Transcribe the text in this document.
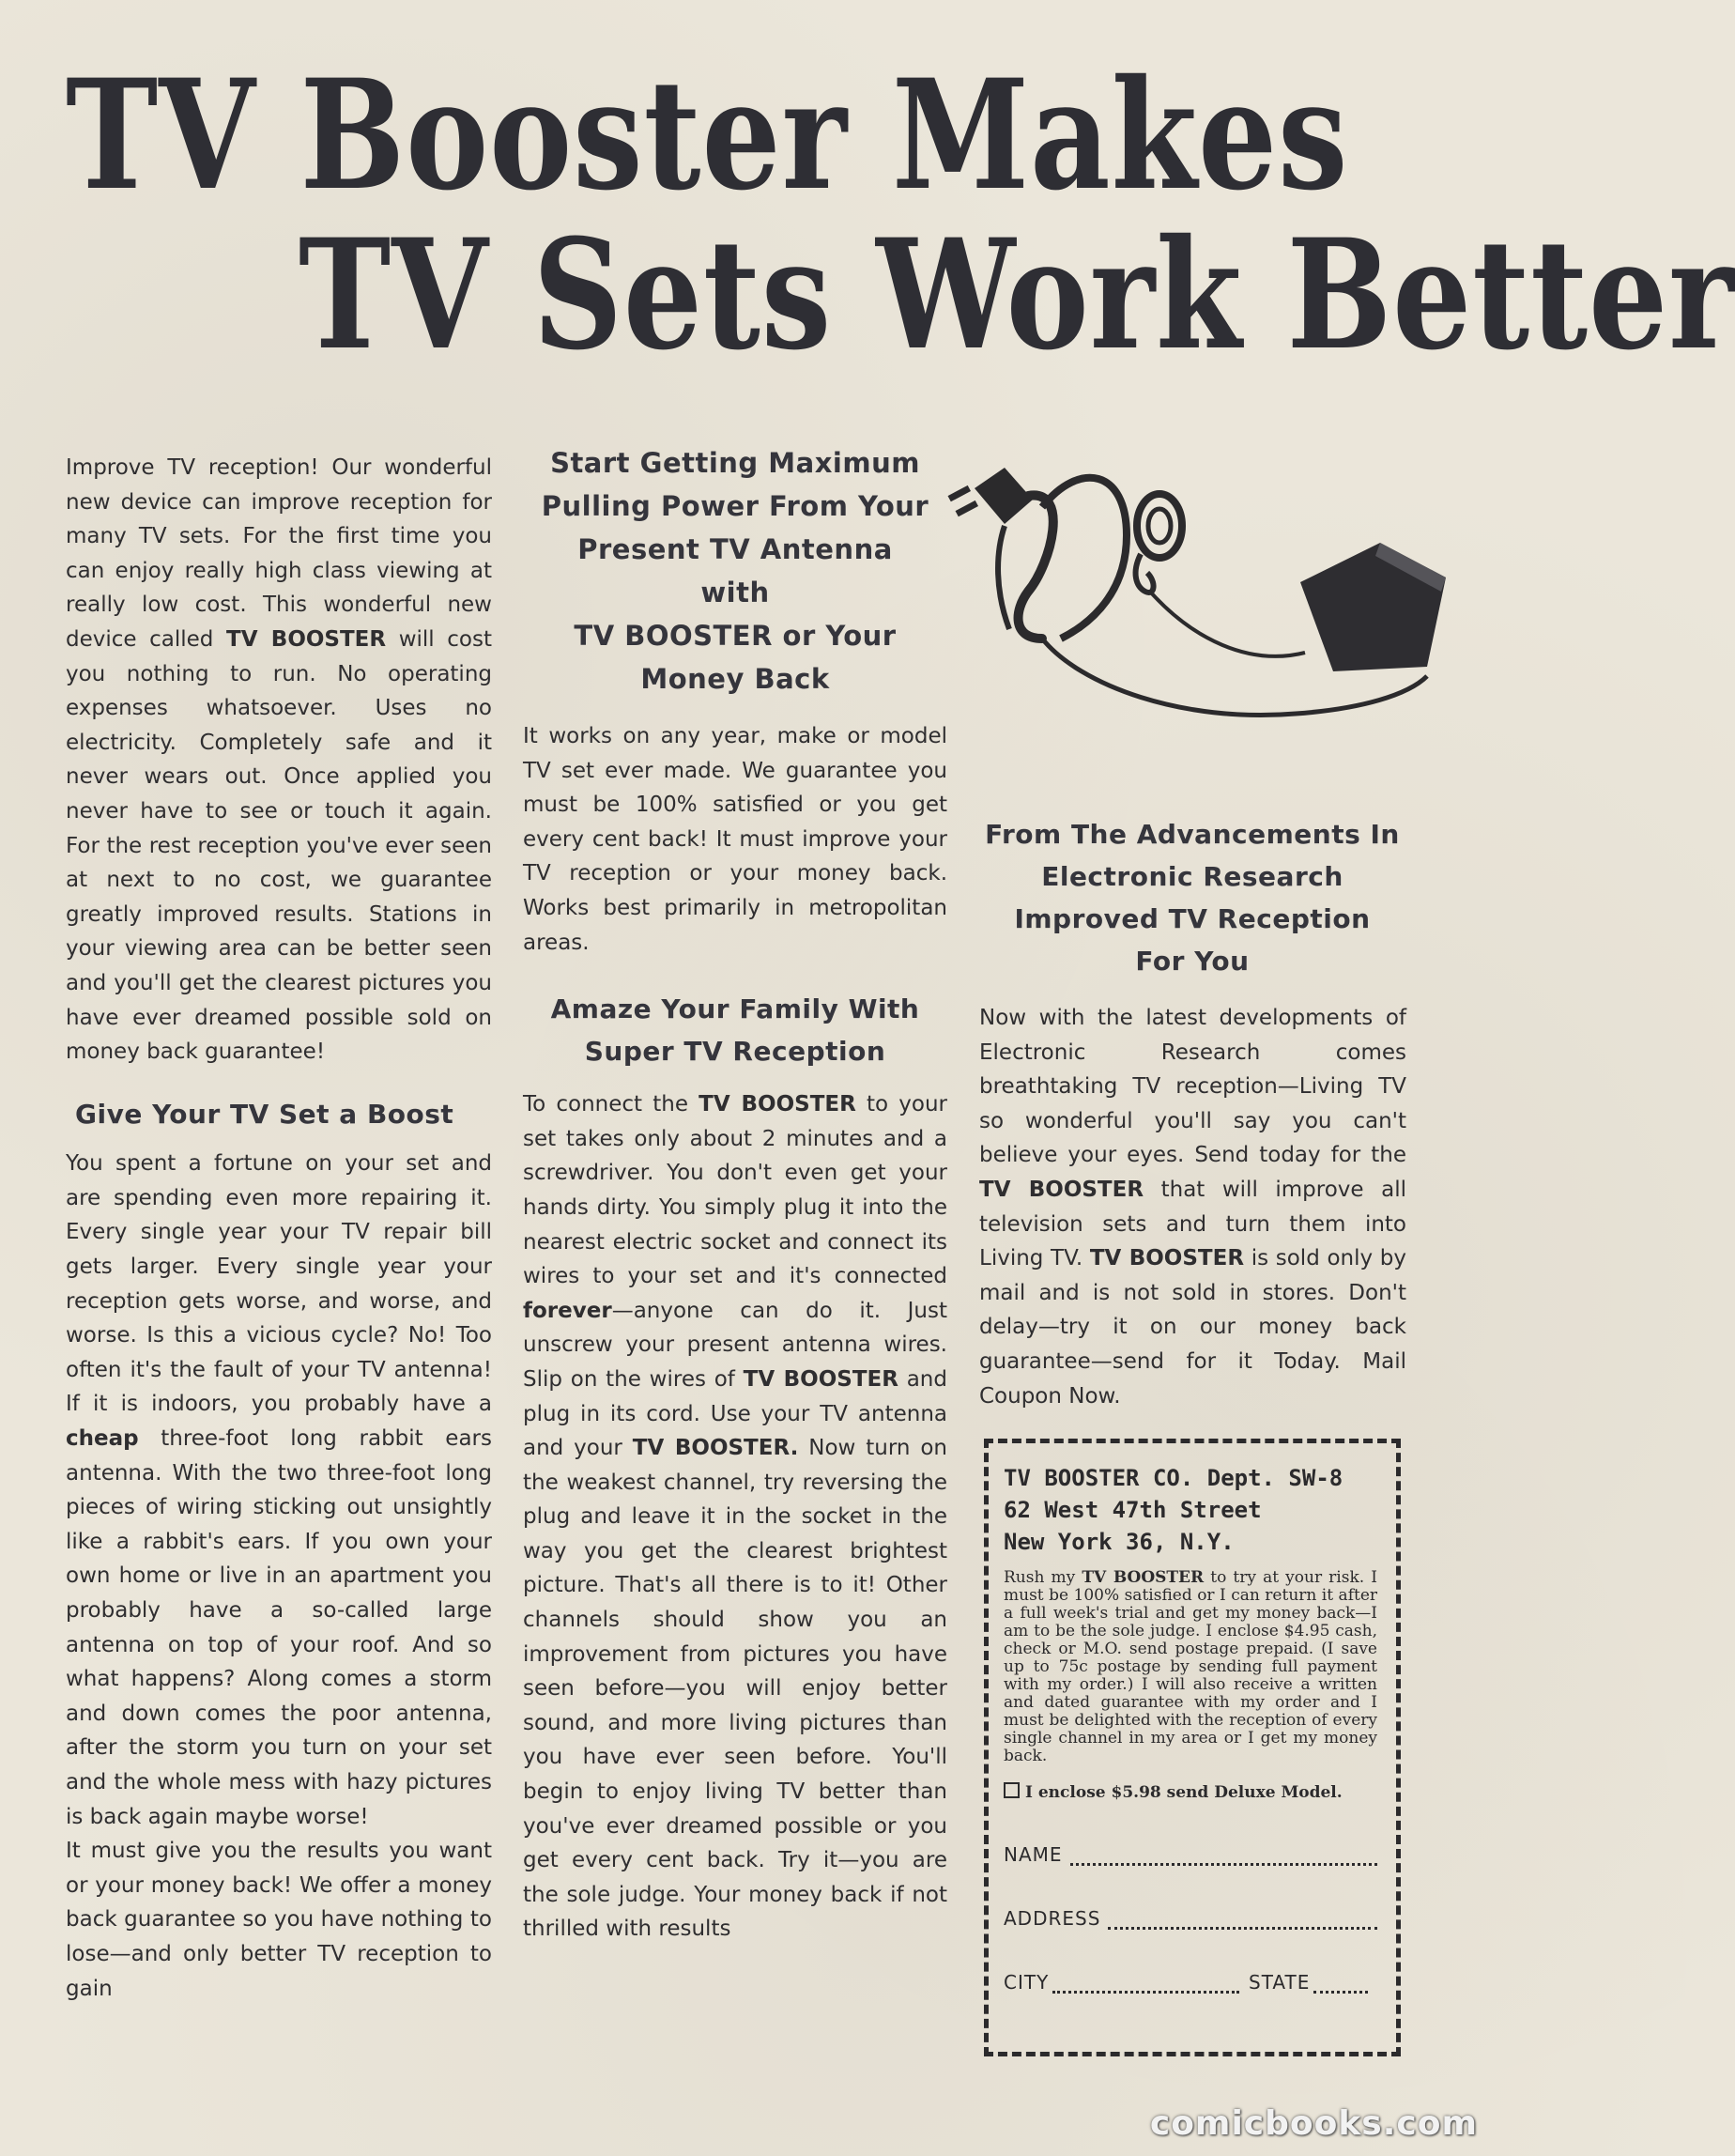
TV Booster Makes
TV Sets Work Better

Improve TV reception! Our wonderful new device can improve reception for many TV sets. For the first time you can enjoy really high class viewing at really low cost. This wonderful new device called TV BOOSTER will cost you nothing to run. No operating expenses whatsoever. Uses no electricity. Completely safe and it never wears out. Once applied you never have to see or touch it again. For the rest reception you've ever seen at next to no cost, we guarantee greatly improved results. Stations in your viewing area can be better seen and you'll get the clearest pictures you have ever dreamed possible sold on money back guarantee!

Give Your TV Set a Boost

You spent a fortune on your set and are spending even more repairing it. Every single year your TV repair bill gets larger. Every single year your reception gets worse, and worse, and worse. Is this a vicious cycle? No! Too often it's the fault of your TV antenna! If it is indoors, you probably have a cheap three-foot long rabbit ears antenna. With the two three-foot long pieces of wiring sticking out unsightly like a rabbit's ears. If you own your own home or live in an apartment you probably have a so-called large antenna on top of your roof. And so what happens? Along comes a storm and down comes the poor antenna, after the storm you turn on your set and the whole mess with hazy pictures is back again maybe worse!

It must give you the results you want or your money back! We offer a money back guarantee so you have nothing to lose—and only better TV reception to gain

Start Getting Maximum

Pulling Power From Your

Present TV Antenna

with

TV BOOSTER or Your

Money Back

It works on any year, make or model TV set ever made. We guarantee you must be 100% satisfied or you get every cent back! It must improve your TV reception or your money back. Works best primarily in metropolitan areas.

Amaze Your Family With

Super TV Reception

To connect the TV BOOSTER to your set takes only about 2 minutes and a screwdriver. You don't even get your hands dirty. You simply plug it into the nearest electric socket and connect its wires to your set and it's connected forever—anyone can do it. Just unscrew your present antenna wires. Slip on the wires of TV BOOSTER and plug in its cord. Use your TV antenna and your TV BOOSTER. Now turn on the weakest channel, try reversing the plug and leave it in the socket in the way you get the clearest brightest picture. That's all there is to it! Other channels should show you an improvement from pictures you have seen before—you will enjoy better sound, and more living pictures than you have ever seen before. You'll begin to enjoy living TV better than you've ever dreamed possible or you get every cent back. Try it—you are the sole judge. Your money back if not thrilled with results

From The Advancements In

Electronic Research

Improved TV Reception

For You

Now with the latest developments of Electronic Research comes breathtaking TV reception—Living TV so wonderful you'll say you can't believe your eyes. Send today for the TV BOOSTER that will improve all television sets and turn them into Living TV. TV BOOSTER is sold only by mail and is not sold in stores. Don't delay—try it on our money back guarantee—send for it Today. Mail Coupon Now.

TV BOOSTER CO. Dept. SW-8

62 West 47th Street

New York 36, N.Y.

Rush my TV BOOSTER to try at your risk. I must be 100% satisfied or I can return it after a full week's trial and get my money back—I am to be the sole judge. I enclose $4.95 cash, check or M.O. send postage prepaid. (I save up to 75c postage by sending full payment with my order.) I will also receive a written and dated guarantee with my order and I must be delighted with the reception of every single channel in my area or I get my money back.

I enclose $5.98 send Deluxe Model.

NAME
ADDRESS
CITY	STATE
comicbooks.com
